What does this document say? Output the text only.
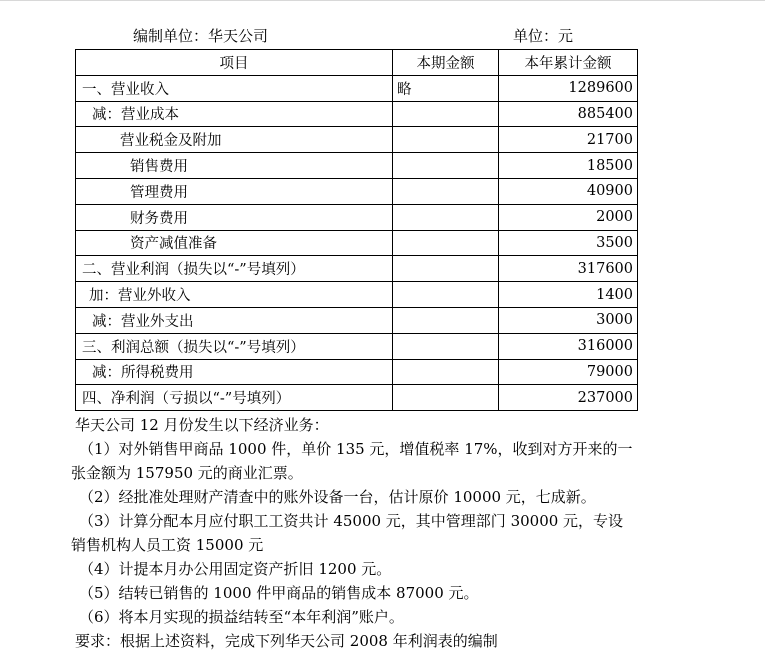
编制单位：华天公司	单位：元
项目	本期金额	本年累计金额
一、营业收入	略	1289600
减：营业成本		885400
营业税金及附加		21700
销售费用		18500
管理费用		40900
财务费用		2000
资产减值准备		3500
二、营业利润（损失以“-”号填列）		317600
加：营业外收入		1400
减：营业外支出		3000
三、利润总额（损失以“-”号填列）		316000
减：所得税费用		79000
四、净利润（亏损以“-”号填列）		237000

华天公司 12 月份发生以下经济业务：

（1）对外销售甲商品 1000 件，单价 135 元，增值税率 17%，收到对方开来的一
张金额为 157950 元的商业汇票。

（2）经批准处理财产清查中的账外设备一台，估计原价 10000 元，七成新。

（3）计算分配本月应付职工工资共计 45000 元，其中管理部门 30000 元，专设
销售机构人员工资 15000 元

（4）计提本月办公用固定资产折旧 1200 元。

（5）结转已销售的 1000 件甲商品的销售成本 87000 元。

（6）将本月实现的损益结转至“本年利润”账户。

要求：根据上述资料，完成下列华天公司 2008 年利润表的编制
